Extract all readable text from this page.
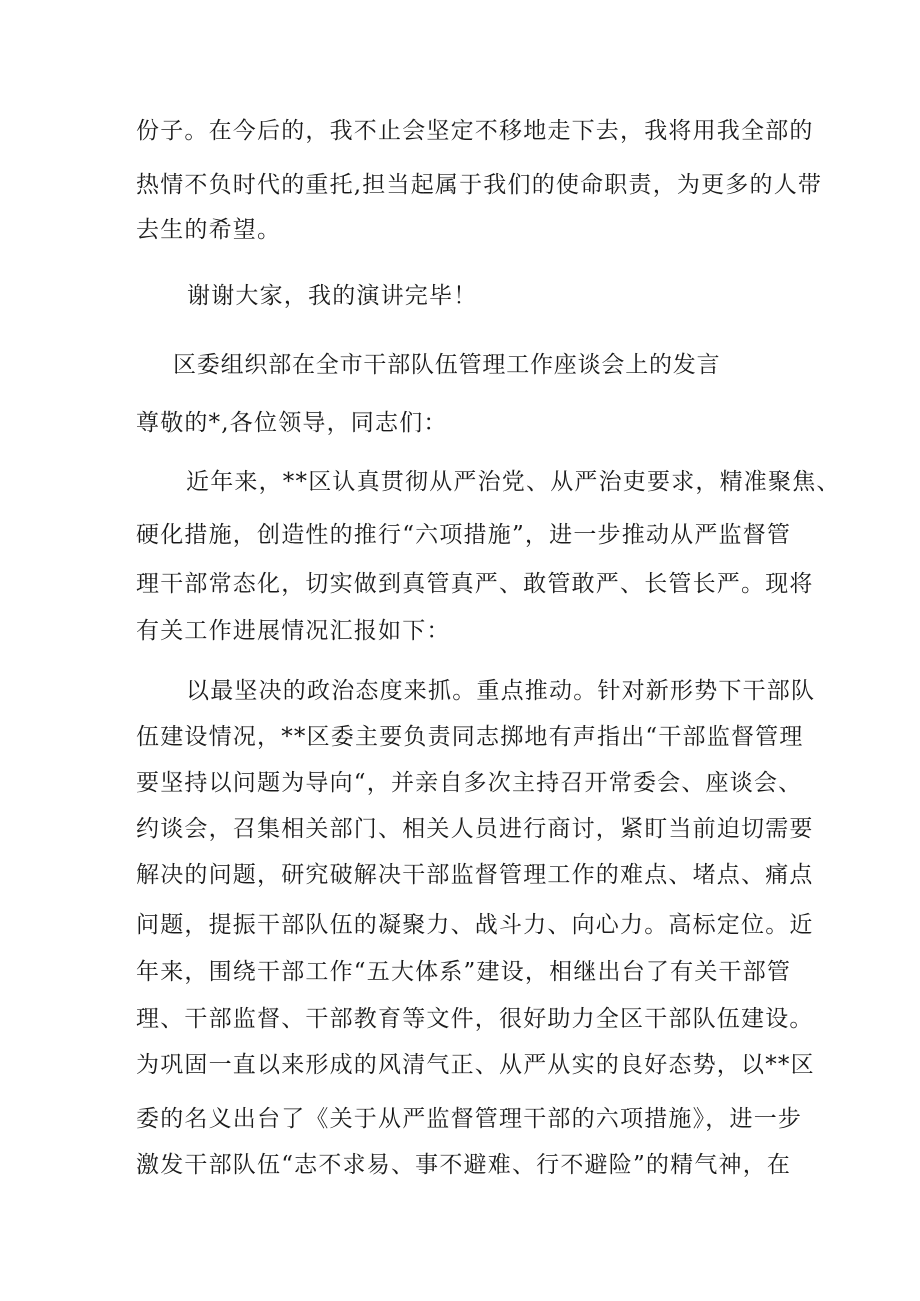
份子。在今后的，我不止会坚定不移地走下去，我将用我全部的
热情不负时代的重托,担当起属于我们的使命职责，为更多的人带
去生的希望。
谢谢大家，我的演讲完毕！
区委组织部在全市干部队伍管理工作座谈会上的发言
尊敬的*,各位领导，同志们：
近年来，**区认真贯彻从严治党、从严治吏要求，精准聚焦、
硬化措施，创造性的推行“六项措施”，进一步推动从严监督管
理干部常态化，切实做到真管真严、敢管敢严、长管长严。现将
有关工作进展情况汇报如下：
以最坚决的政治态度来抓。重点推动。针对新形势下干部队
伍建设情况，**区委主要负责同志掷地有声指出“干部监督管理
要坚持以问题为导向“，并亲自多次主持召开常委会、座谈会、
约谈会，召集相关部门、相关人员进行商讨，紧盯当前迫切需要
解决的问题，研究破解决干部监督管理工作的难点、堵点、痛点
问题，提振干部队伍的凝聚力、战斗力、向心力。高标定位。近
年来，围绕干部工作“五大体系”建设，相继出台了有关干部管
理、干部监督、干部教育等文件，很好助力全区干部队伍建设。
为巩固一直以来形成的风清气正、从严从实的良好态势，以**区
委的名义出台了《关于从严监督管理干部的六项措施》，进一步
激发干部队伍“志不求易、事不避难、行不避险”的精气神，在
